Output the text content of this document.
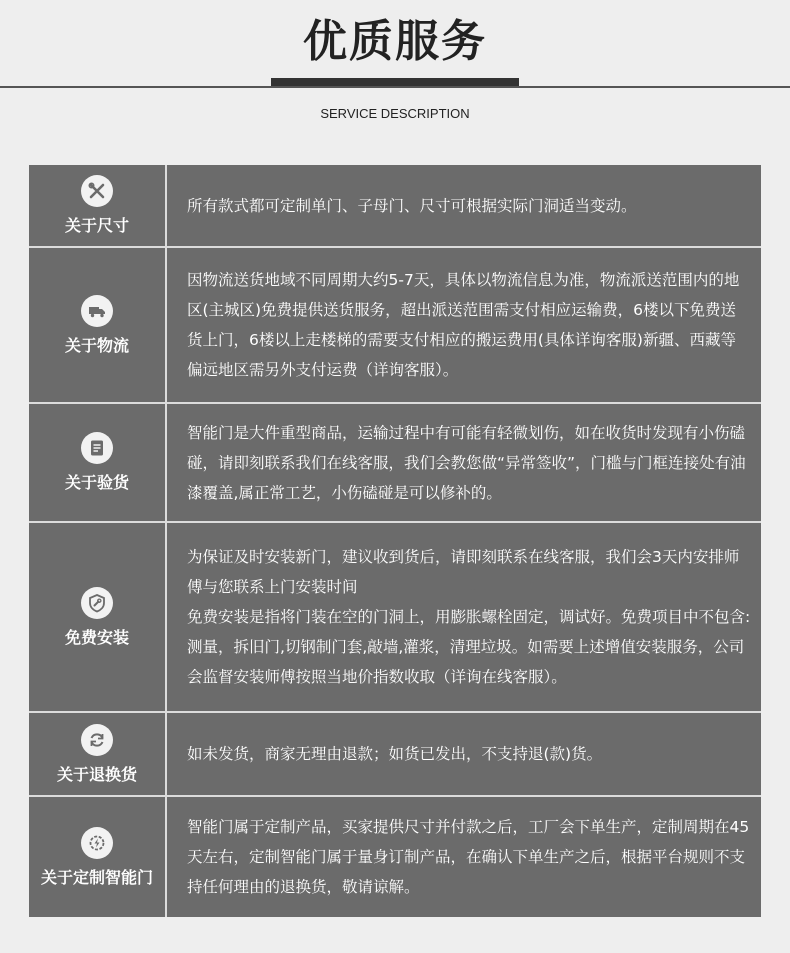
优质服务
SERVICE DESCRIPTION
关于尺寸

所有款式都可定制单门、子母门、尺寸可根据实际门洞适当变动。

关于物流

因物流送货地域不同周期大约5-7天，具体以物流信息为准，物流派送范围内的地区(主城区)免费提供送货服务，超出派送范围需支付相应运输费，6楼以下免费送货上门，6楼以上走楼梯的需要支付相应的搬运费用(具体详询客服)新疆、西藏等偏远地区需另外支付运费（详询客服）。

关于验货

智能门是大件重型商品，运输过程中有可能有轻微划伤，如在收货时发现有小伤磕碰，请即刻联系我们在线客服，我们会教您做“异常签收”，门槛与门框连接处有油漆覆盖,属正常工艺，小伤磕碰是可以修补的。

免费安装

为保证及时安装新门，建议收到货后，请即刻联系在线客服，我们会3天内安排师傅与您联系上门安装时间

免费安装是指将门装在空的门洞上，用膨胀螺栓固定，调试好。免费项目中不包含:测量，拆旧门,切钢制门套,敲墙,灌浆，清理垃圾。如需要上述增值安装服务，公司会监督安装师傅按照当地价指数收取（详询在线客服）。

关于退换货

如未发货，商家无理由退款；如货已发出，不支持退(款)货。

关于定制智能门

智能门属于定制产品，买家提供尺寸并付款之后，工厂会下单生产，定制周期在45天左右，定制智能门属于量身订制产品，在确认下单生产之后，根据平台规则不支持任何理由的退换货，敬请谅解。
